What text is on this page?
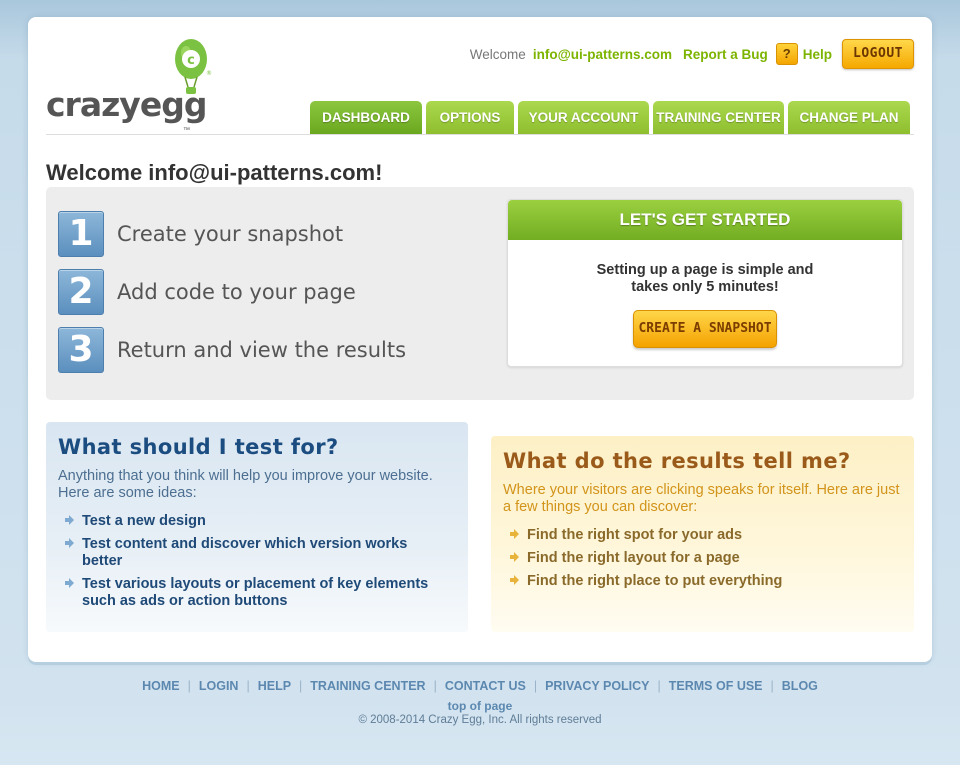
c
®
crazyegg
™
Welcome info@ui-patterns.com Report a Bug	? Help	LOGOUT
DASHBOARD	OPTIONS	YOUR ACCOUNT	TRAINING CENTER	CHANGE PLAN
Welcome info@ui-patterns.com!
1	Create your snapshot
2	Add code to your page
3	Return and view the results
LET'S GET STARTED
Setting up a page is simple and takes only 5 minutes!
CREATE A SNAPSHOT
What should I test for?
Anything that you think will help you improve your website. Here are some ideas:
Test a new design
Test content and discover which version works better
Test various layouts or placement of key elements such as ads or action buttons
What do the results tell me?
Where your visitors are clicking speaks for itself. Here are just a few things you can discover:
Find the right spot for your ads
Find the right layout for a page
Find the right place to put everything
HOME | LOGIN | HELP | TRAINING CENTER | CONTACT US | PRIVACY POLICY | TERMS OF USE | BLOG
top of page
© 2008-2014 Crazy Egg, Inc. All rights reserved
